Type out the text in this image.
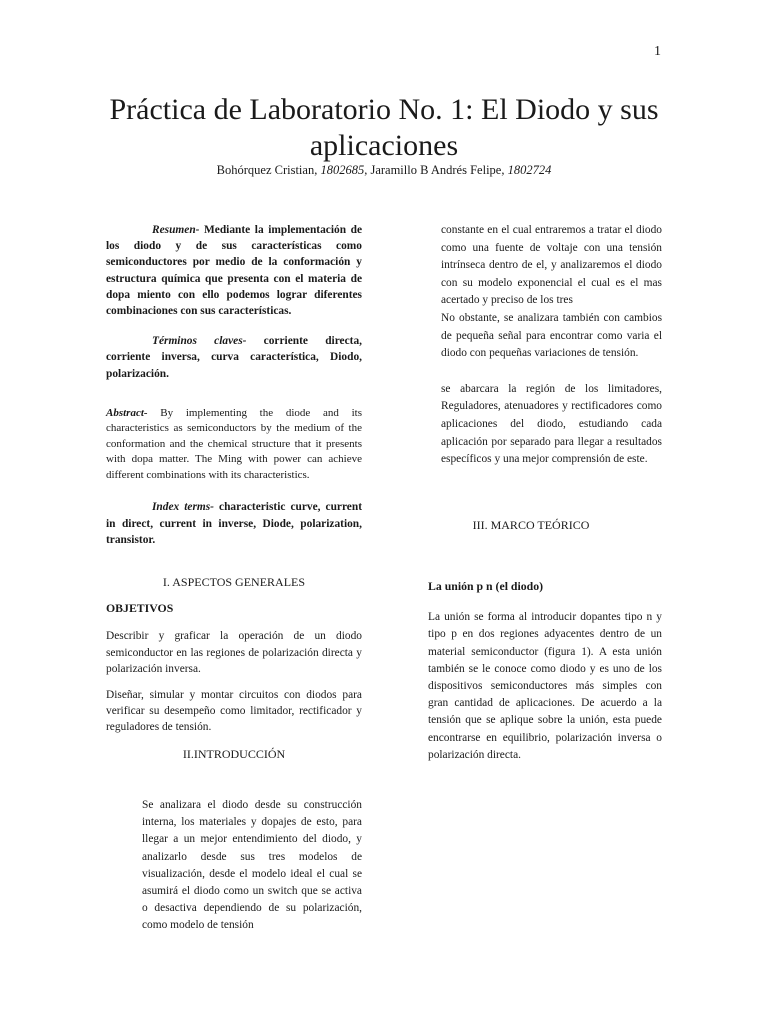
1
Práctica de Laboratorio No. 1: El Diodo y sus aplicaciones
Bohórquez Cristian, 1802685, Jaramillo B Andrés Felipe, 1802724

Resumen- Mediante la implementación de los diodo y de sus características como semiconductores por medio de la conformación y estructura química que presenta con el materia de dopa miento con ello podemos lograr diferentes combinaciones con sus características.

Términos claves- corriente directa, corriente inversa, curva característica, Diodo, polarización.

Abstract- By implementing the diode and its characteristics as semiconductors by the medium of the conformation and the chemical structure that it presents with dopa matter. The Ming with power can achieve different combinations with its characteristics.

Index terms- characteristic curve, current in direct, current in inverse, Diode, polarization, transistor.

I. ASPECTOS GENERALES

OBJETIVOS

Describir y graficar la operación de un diodo semiconductor en las regiones de polarización directa y polarización inversa.

Diseñar, simular y montar circuitos con diodos para verificar su desempeño como limitador, rectificador y reguladores de tensión.

II.INTRODUCCIÓN

Se analizara el diodo desde su construcción interna, los materiales y dopajes de esto, para llegar a un mejor entendimiento del diodo, y analizarlo desde sus tres modelos de visualización, desde el modelo ideal el cual se asumirá el diodo como un switch que se activa o desactiva dependiendo de su polarización, como modelo de tensión

constante en el cual entraremos a tratar el diodo como una fuente de voltaje con una tensión intrínseca dentro de el, y analizaremos el diodo con su modelo exponencial el cual es el mas acertado y preciso de los tres

No obstante, se analizara también con cambios de pequeña señal para encontrar como varia el diodo con pequeñas variaciones de tensión.

se abarcara la región de los limitadores, Reguladores, atenuadores y rectificadores como aplicaciones del diodo, estudiando cada aplicación por separado para llegar a resultados específicos y una mejor comprensión de este.

III. MARCO TEÓRICO

La unión p n (el diodo)

La unión se forma al introducir dopantes tipo n y tipo p en dos regiones adyacentes dentro de un material semiconductor (figura 1). A esta unión también se le conoce como diodo y es uno de los dispositivos semiconductores más simples con gran cantidad de aplicaciones. De acuerdo a la tensión que se aplique sobre la unión, esta puede encontrarse en equilibrio, polarización inversa o polarización directa.
